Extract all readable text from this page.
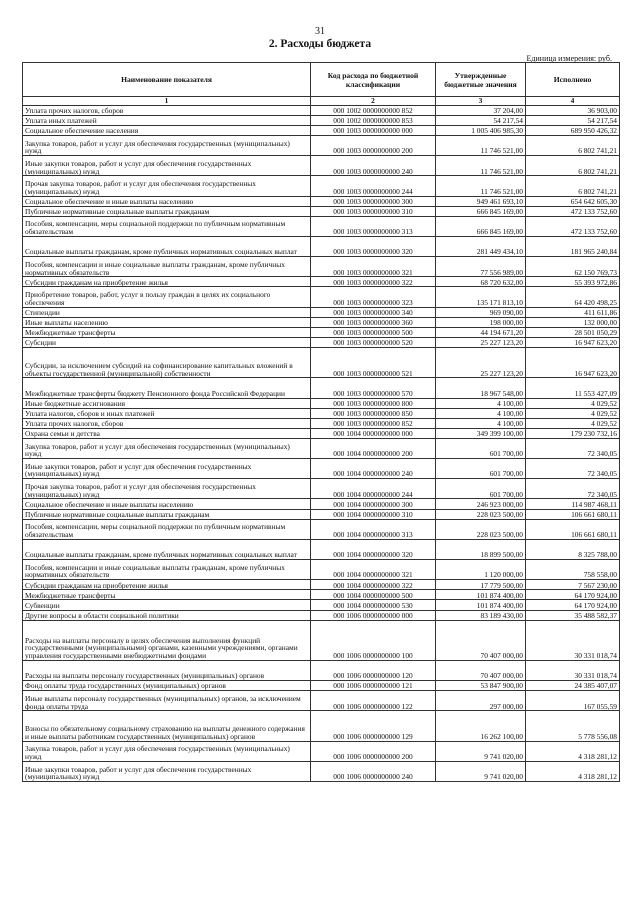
31
2. Расходы бюджета
Единица измерения: руб.
Наименование показателя	Код расхода по бюджетной классификации	Утвержденные бюджетные значения	Исполнено
1	2	3	4
Уплата прочих налогов, сборов	000 1002 0000000000 852	37 204,00	36 903,00
Уплата иных платежей	000 1002 0000000000 853	54 217,54	54 217,54
Социальное обеспечение населения	000 1003 0000000000 000	1 005 406 985,30	689 950 426,32
Закупка товаров, работ и услуг для обеспечения государственных (муниципальных) нужд	000 1003 0000000000 200	11 746 521,00	6 802 741,21
Иные закупки товаров, работ и услуг для обеспечения государственных (муниципальных) нужд	000 1003 0000000000 240	11 746 521,00	6 802 741,21
Прочая закупка товаров, работ и услуг для обеспечения государственных (муниципальных) нужд	000 1003 0000000000 244	11 746 521,00	6 802 741,21
Социальное обеспечение и иные выплаты населению	000 1003 0000000000 300	949 461 693,10	654 642 605,30
Публичные нормативные социальные выплаты гражданам	000 1003 0000000000 310	666 845 169,00	472 133 752,60
Пособия, компенсации, меры социальной поддержки по публичным нормативным обязательствам	000 1003 0000000000 313	666 845 169,00	472 133 752,60
Социальные выплаты гражданам, кроме публичных нормативных социальных выплат	000 1003 0000000000 320	281 449 434,10	181 965 240,84
Пособия, компенсации и иные социальные выплаты гражданам, кроме публичных нормативных обязательств	000 1003 0000000000 321	77 556 989,00	62 150 769,73
Субсидии гражданам на приобретение жилья	000 1003 0000000000 322	68 720 632,00	55 393 972,86
Приобретение товаров, работ, услуг в пользу граждан в целях их социального обеспечения	000 1003 0000000000 323	135 171 813,10	64 420 498,25
Стипендии	000 1003 0000000000 340	969 090,00	411 611,86
Иные выплаты населению	000 1003 0000000000 360	198 000,00	132 000,00
Межбюджетные трансферты	000 1003 0000000000 500	44 194 671,20	28 501 050,29
Субсидии	000 1003 0000000000 520	25 227 123,20	16 947 623,20
Субсидии, за исключением субсидий на софинансирование капитальных вложений в объекты государственной (муниципальной) собственности	000 1003 0000000000 521	25 227 123,20	16 947 623,20
Межбюджетные трансферты бюджету Пенсионного фонда Российской Федерации	000 1003 0000000000 570	18 967 548,00	11 553 427,09
Иные бюджетные ассигнования	000 1003 0000000000 800	4 100,00	4 029,52
Уплата налогов, сборов и иных платежей	000 1003 0000000000 850	4 100,00	4 029,52
Уплата прочих налогов, сборов	000 1003 0000000000 852	4 100,00	4 029,52
Охрана семьи и детства	000 1004 0000000000 000	349 399 100,00	179 230 732,16
Закупка товаров, работ и услуг для обеспечения государственных (муниципальных) нужд	000 1004 0000000000 200	601 700,00	72 340,05
Иные закупки товаров, работ и услуг для обеспечения государственных (муниципальных) нужд	000 1004 0000000000 240	601 700,00	72 340,05
Прочая закупка товаров, работ и услуг для обеспечения государственных (муниципальных) нужд	000 1004 0000000000 244	601 700,00	72 340,05
Социальное обеспечение и иные выплаты населению	000 1004 0000000000 300	246 923 000,00	114 987 468,11
Публичные нормативные социальные выплаты гражданам	000 1004 0000000000 310	228 023 500,00	106 661 680,11
Пособия, компенсации, меры социальной поддержки по публичным нормативным обязательствам	000 1004 0000000000 313	228 023 500,00	106 661 680,11
Социальные выплаты гражданам, кроме публичных нормативных социальных выплат	000 1004 0000000000 320	18 899 500,00	8 325 788,00
Пособия, компенсации и иные социальные выплаты гражданам, кроме публичных нормативных обязательств	000 1004 0000000000 321	1 120 000,00	758 558,00
Субсидии гражданам на приобретение жилья	000 1004 0000000000 322	17 779 500,00	7 567 230,00
Межбюджетные трансферты	000 1004 0000000000 500	101 874 400,00	64 170 924,00
Субвенции	000 1004 0000000000 530	101 874 400,00	64 170 924,00
Другие вопросы в области социальной политики	000 1006 0000000000 000	83 189 430,00	35 488 582,37
Расходы на выплаты персоналу в целях обеспечения выполнения функций государственными (муниципальными) органами, казенными учреждениями, органами управления государственными внебюджетными фондами	000 1006 0000000000 100	70 407 000,00	30 331 018,74
Расходы на выплаты персоналу государственных (муниципальных) органов	000 1006 0000000000 120	70 407 000,00	30 331 018,74
Фонд оплаты труда государственных (муниципальных) органов	000 1006 0000000000 121	53 847 900,00	24 385 407,07
Иные выплаты персоналу государственных (муниципальных) органов, за исключением фонда оплаты труда	000 1006 0000000000 122	297 000,00	167 055,59
Взносы по обязательному социальному страхованию на выплаты денежного содержания и иные выплаты работникам государственных (муниципальных) органов	000 1006 0000000000 129	16 262 100,00	5 778 556,08
Закупка товаров, работ и услуг для обеспечения государственных (муниципальных) нужд	000 1006 0000000000 200	9 741 020,00	4 318 281,12
Иные закупки товаров, работ и услуг для обеспечения государственных (муниципальных) нужд	000 1006 0000000000 240	9 741 020,00	4 318 281,12
